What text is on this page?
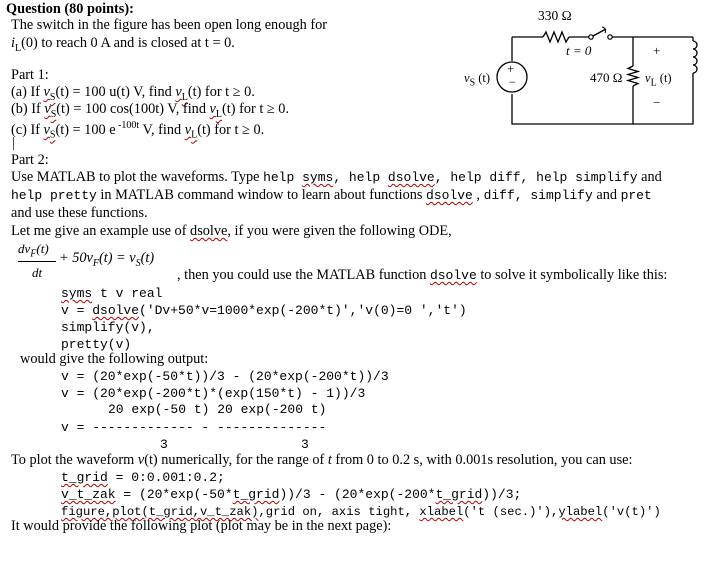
Question (80 points):
The switch in the figure has been open long enough for
$i_L(0)$ to reach 0 A and is closed at t = 0.
330 Ω
t = 0
+
−
$v_S$ (t)	470 Ω
+
−
$v_L$ (t)
Part 1:
(a) If $v_S(t) = 100$ u(t) V, find $v_L(t)$ for t ≥ 0.
(b) If $v_S(t) = 100$ cos(100t) V, find $v_L(t)$ for t ≥ 0.
(c) If $v_S(t) = 100$ e $^{-100t}$ V, find $v_L(t)$ for t ≥ 0.
|
Part 2:
Use MATLAB to plot the waveforms. Type help syms, help dsolve, help diff, help simplify and
help pretty in MATLAB command window to learn about functions dsolve , diff, simplify and pret
and use these functions.
Let me give an example use of dsolve, if you were given the following ODE,
$dv_F(t)$
dt
+ $50v_F(t) = v_S(t)$
, then you could use the MATLAB function dsolve to solve it symbolically like this:
syms t v real
v = dsolve('Dv+50*v=1000*exp(-200*t)','v(0)=0 ','t')
simplify(v),
pretty(v)
would give the following output:
v = (20*exp(-50*t))/3 - (20*exp(-200*t))/3
v = (20*exp(-200*t)*(exp(150*t) - 1))/3
20 exp(-50 t) 20 exp(-200 t)
v = ------------- - --------------
3	3
To plot the waveform v(t) numerically, for the range of t from 0 to 0.2 s, with 0.001s resolution, you can use:
t_grid = 0:0.001:0.2;
v_t_zak = (20*exp(-50*t_grid))/3 - (20*exp(-200*t_grid))/3;
figure,plot(t_grid,v_t_zak),grid on, axis tight, xlabel('t (sec.)'),ylabel('v(t)')
It would provide the following plot (plot may be in the next page):
